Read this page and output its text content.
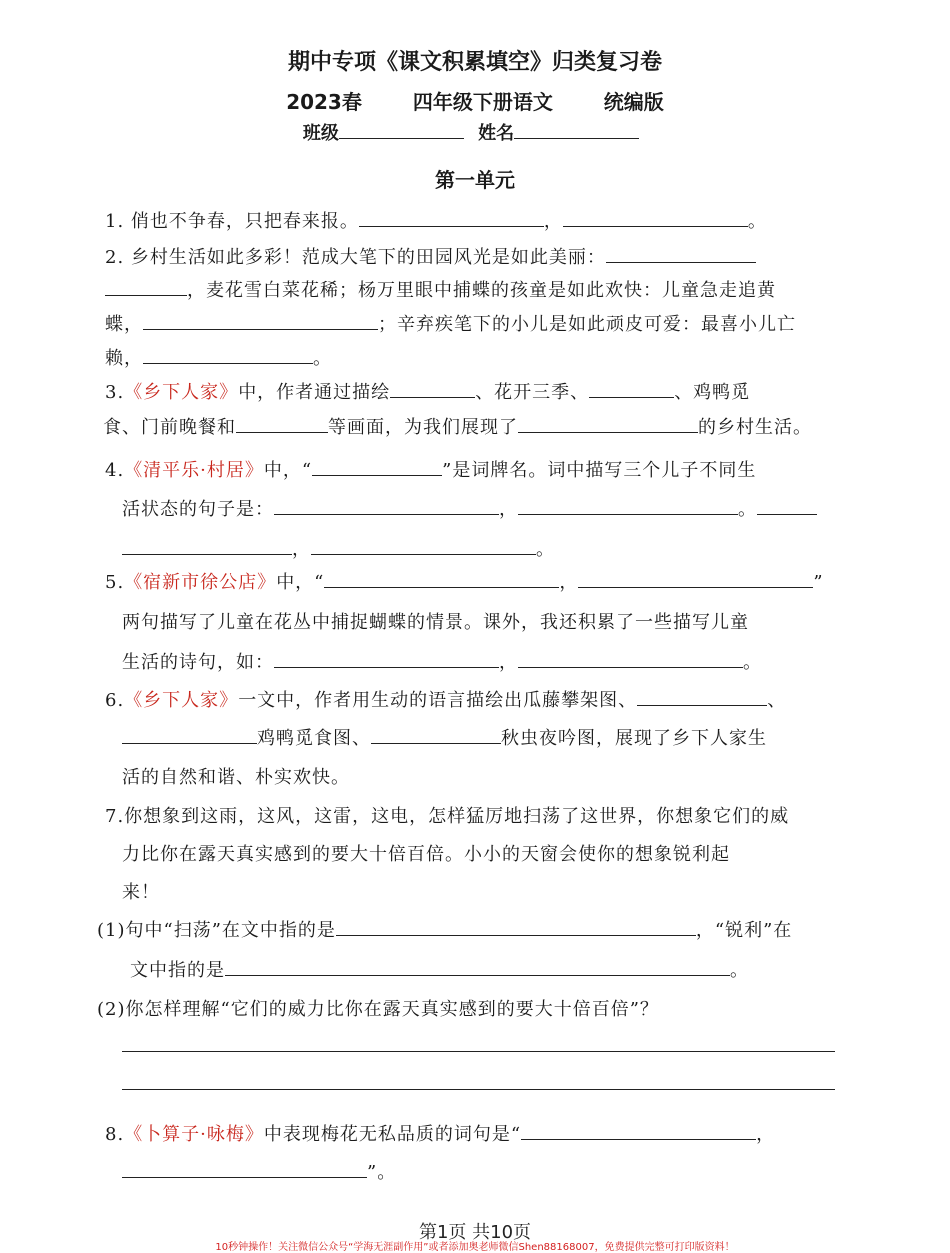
期中专项《课文积累填空》归类复习卷
2023春	四年级下册语文	统编版
班级	姓名
第一单元
1. 俏也不争春，只把春来报。	，	。
2. 乡村生活如此多彩！范成大笔下的田园风光是如此美丽：
，麦花雪白菜花稀；杨万里眼中捕蝶的孩童是如此欢快：儿童急走追黄
蝶，	；辛弃疾笔下的小儿是如此顽皮可爱：最喜小儿亡
赖，	。
3.《乡下人家》中，作者通过描绘	、花开三季、	、鸡鸭觅
食、门前晚餐和	等画面，为我们展现了	的乡村生活。
4.《清平乐·村居》中，“	”是词牌名。词中描写三个儿子不同生
活状态的句子是：	，	。
，	。
5.《宿新市徐公店》中，“	，	”
两句描写了儿童在花丛中捕捉蝴蝶的情景。课外，我还积累了一些描写儿童
生活的诗句，如：	，	。
6.《乡下人家》一文中，作者用生动的语言描绘出瓜藤攀架图、	、
鸡鸭觅食图、	秋虫夜吟图，展现了乡下人家生
活的自然和谐、朴实欢快。
7.你想象到这雨，这风，这雷，这电，怎样猛厉地扫荡了这世界，你想象它们的威
力比你在露天真实感到的要大十倍百倍。小小的天窗会使你的想象锐利起
来！
(1)句中“扫荡”在文中指的是	，“锐利”在
文中指的是	。
(2)你怎样理解“它们的威力比你在露天真实感到的要大十倍百倍”？
8.《卜算子·咏梅》中表现梅花无私品质的词句是“	，
”。
第1页 共10页
10秒钟操作！关注微信公众号“学海无涯副作用”或者添加奥老师微信Shen88168007，免费提供完整可打印版资料！
